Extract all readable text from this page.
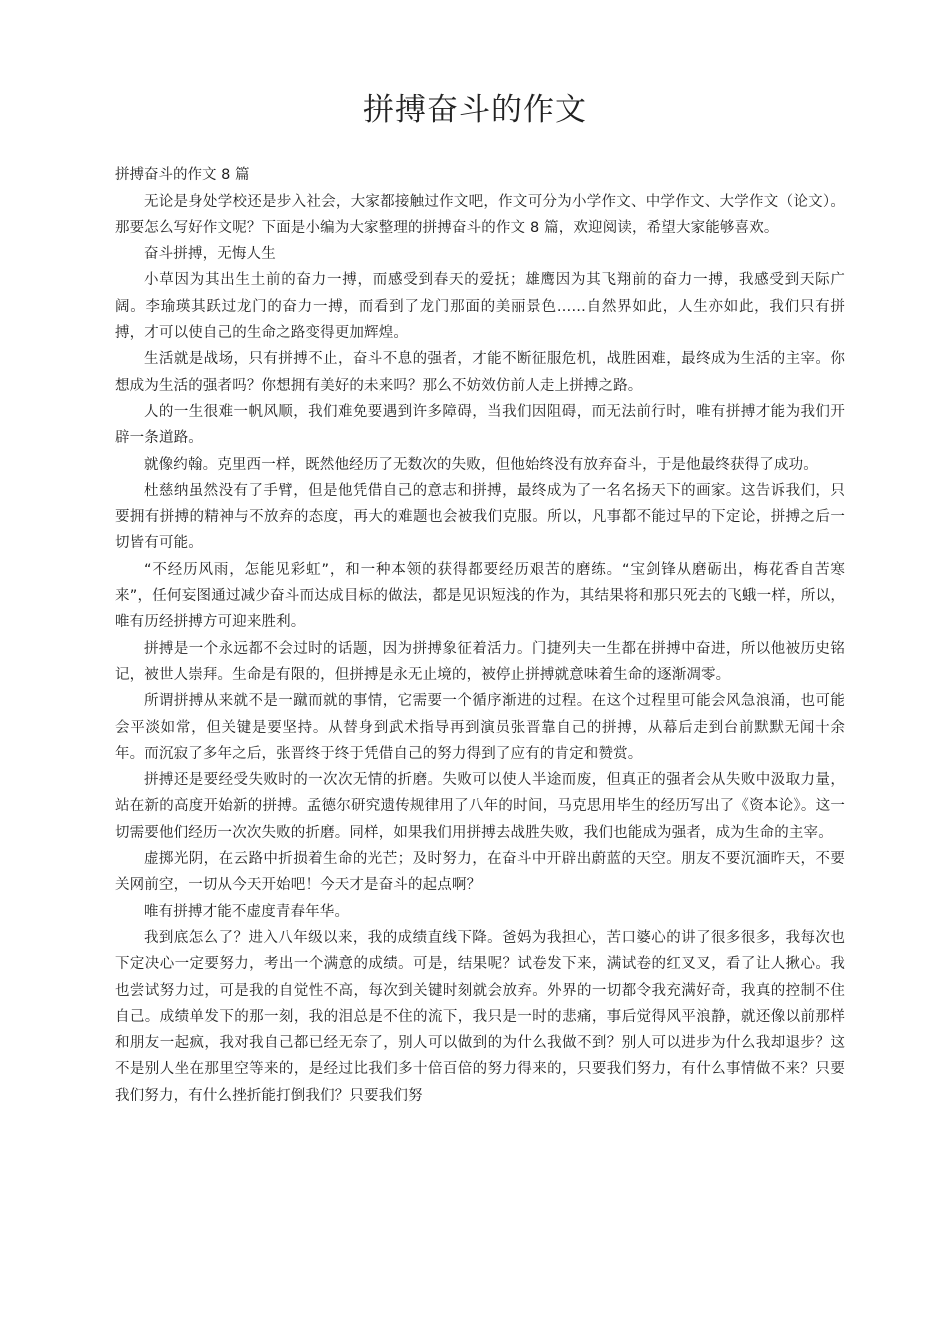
拼搏奋斗的作文

拼搏奋斗的作文 8 篇

无论是身处学校还是步入社会，大家都接触过作文吧，作文可分为小学作文、中学作文、大学作文（论文）。那要怎么写好作文呢？下面是小编为大家整理的拼搏奋斗的作文 8 篇，欢迎阅读，希望大家能够喜欢。

奋斗拼搏，无悔人生

小草因为其出生土前的奋力一搏，而感受到春天的爱抚；雄鹰因为其飞翔前的奋力一搏，我感受到天际广阔。李瑜瑛其跃过龙门的奋力一搏，而看到了龙门那面的美丽景色……自然界如此，人生亦如此，我们只有拼搏，才可以使自己的生命之路变得更加辉煌。

生活就是战场，只有拼搏不止，奋斗不息的强者，才能不断征服危机，战胜困难，最终成为生活的主宰。你想成为生活的强者吗？你想拥有美好的未来吗？那么不妨效仿前人走上拼搏之路。

人的一生很难一帆风顺，我们难免要遇到许多障碍，当我们因阻碍，而无法前行时，唯有拼搏才能为我们开辟一条道路。

就像约翰。克里西一样，既然他经历了无数次的失败，但他始终没有放弃奋斗，于是他最终获得了成功。

杜慈纳虽然没有了手臂，但是他凭借自己的意志和拼搏，最终成为了一名名扬天下的画家。这告诉我们，只要拥有拼搏的精神与不放弃的态度，再大的难题也会被我们克服。所以，凡事都不能过早的下定论，拼搏之后一切皆有可能。

“不经历风雨，怎能见彩虹”，和一种本领的获得都要经历艰苦的磨练。“宝剑锋从磨砺出，梅花香自苦寒来”，任何妄图通过减少奋斗而达成目标的做法，都是见识短浅的作为，其结果将和那只死去的飞蛾一样，所以，唯有历经拼搏方可迎来胜利。

拼搏是一个永远都不会过时的话题，因为拼搏象征着活力。门捷列夫一生都在拼搏中奋进，所以他被历史铭记，被世人崇拜。生命是有限的，但拼搏是永无止境的，被停止拼搏就意味着生命的逐渐凋零。

所谓拼搏从来就不是一蹴而就的事情，它需要一个循序渐进的过程。在这个过程里可能会风急浪涌，也可能会平淡如常，但关键是要坚持。从替身到武术指导再到演员张晋靠自己的拼搏，从幕后走到台前默默无闻十余年。而沉寂了多年之后，张晋终于终于凭借自己的努力得到了应有的肯定和赞赏。

拼搏还是要经受失败时的一次次无情的折磨。失败可以使人半途而废，但真正的强者会从失败中汲取力量，站在新的高度开始新的拼搏。孟德尔研究遗传规律用了八年的时间，马克思用毕生的经历写出了《资本论》。这一切需要他们经历一次次失败的折磨。同样，如果我们用拼搏去战胜失败，我们也能成为强者，成为生命的主宰。

虚掷光阴，在云路中折损着生命的光芒；及时努力，在奋斗中开辟出蔚蓝的天空。朋友不要沉湎昨天，不要关网前空，一切从今天开始吧！今天才是奋斗的起点啊？

唯有拼搏才能不虚度青春年华。

我到底怎么了？进入八年级以来，我的成绩直线下降。爸妈为我担心，苦口婆心的讲了很多很多，我每次也下定决心一定要努力，考出一个满意的成绩。可是，结果呢？试卷发下来，满试卷的红叉叉，看了让人揪心。我也尝试努力过，可是我的自觉性不高，每次到关键时刻就会放弃。外界的一切都令我充满好奇，我真的控制不住自己。成绩单发下的那一刻，我的泪总是不住的流下，我只是一时的悲痛，事后觉得风平浪静，就还像以前那样和朋友一起疯，我对我自己都已经无奈了，别人可以做到的为什么我做不到？别人可以进步为什么我却退步？这不是别人坐在那里空等来的，是经过比我们多十倍百倍的努力得来的，只要我们努力，有什么事情做不来？只要我们努力，有什么挫折能打倒我们？只要我们努
